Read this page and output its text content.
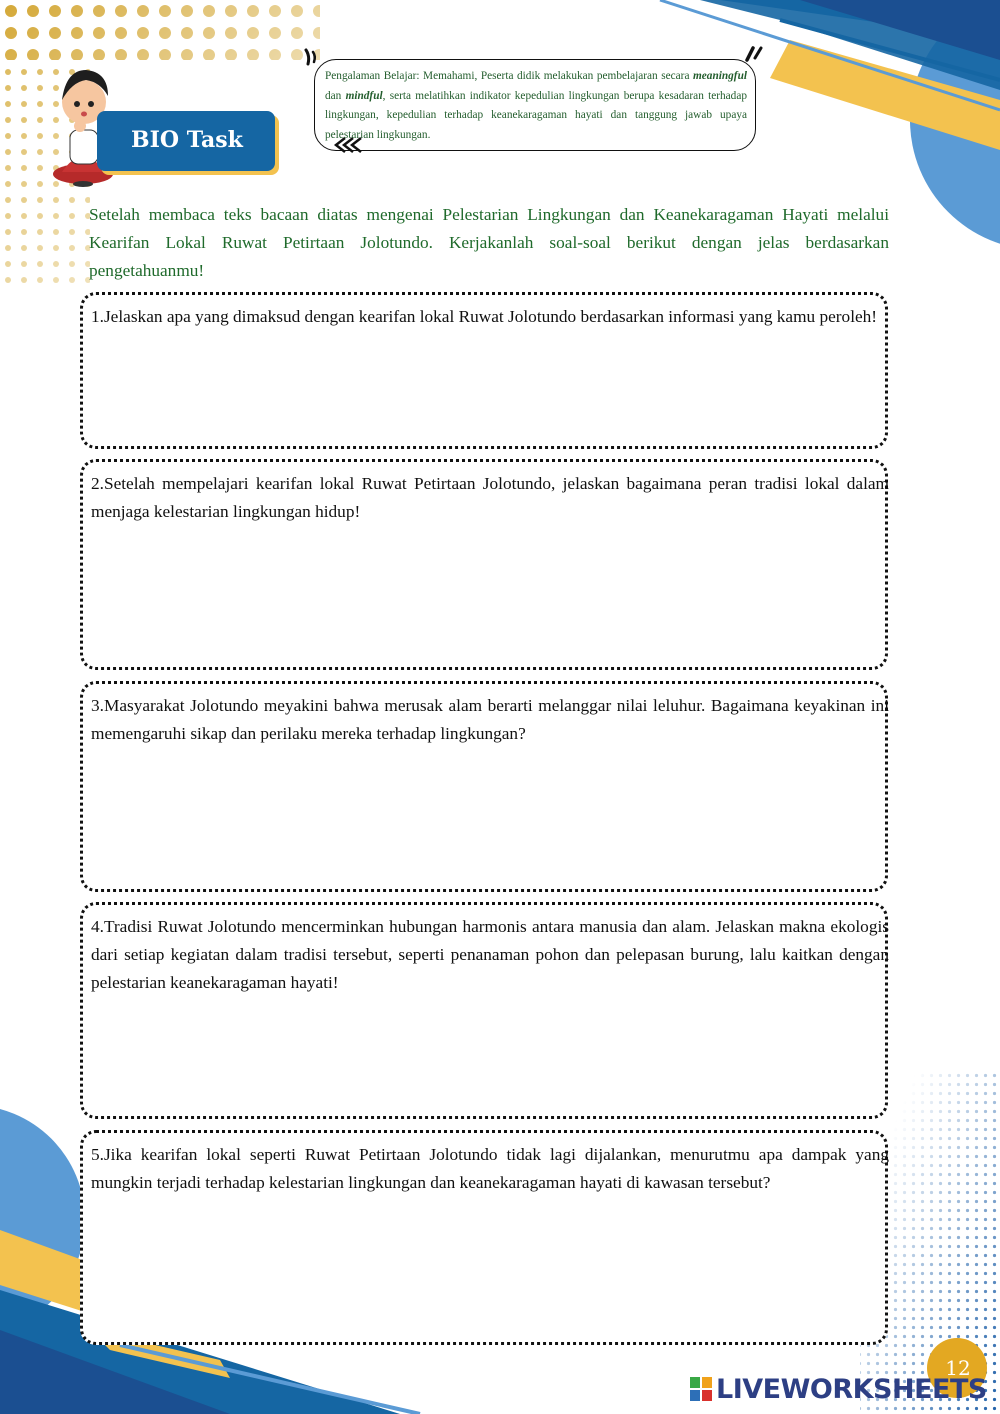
BIO Task
Pengalaman Belajar: Memahami, Peserta didik melakukan pembelajaran secara meaningful dan mindful, serta melatihkan indikator kepedulian lingkungan berupa kesadaran terhadap lingkungan, kepedulian terhadap keanekaragaman hayati dan tanggung jawab upaya pelestarian lingkungan.
Setelah membaca teks bacaan diatas mengenai Pelestarian Lingkungan dan Keanekaragaman Hayati melalui Kearifan Lokal Ruwat Petirtaan Jolotundo. Kerjakanlah soal-soal berikut dengan jelas berdasarkan pengetahuanmu!
1.Jelaskan apa yang dimaksud dengan kearifan lokal Ruwat Jolotundo berdasarkan informasi yang kamu peroleh!
2.Setelah mempelajari kearifan lokal Ruwat Petirtaan Jolotundo, jelaskan bagaimana peran tradisi lokal dalam menjaga kelestarian lingkungan hidup!
3.Masyarakat Jolotundo meyakini bahwa merusak alam berarti melanggar nilai leluhur. Bagaimana keyakinan ini memengaruhi sikap dan perilaku mereka terhadap lingkungan?
4.Tradisi Ruwat Jolotundo mencerminkan hubungan harmonis antara manusia dan alam. Jelaskan makna ekologis dari setiap kegiatan dalam tradisi tersebut, seperti penanaman pohon dan pelepasan burung, lalu kaitkan dengan pelestarian keanekaragaman hayati!
5.Jika kearifan lokal seperti Ruwat Petirtaan Jolotundo tidak lagi dijalankan, menurutmu apa dampak yang mungkin terjadi terhadap kelestarian lingkungan dan keanekaragaman hayati di kawasan tersebut?
12
LIVEWORKSHEETS
